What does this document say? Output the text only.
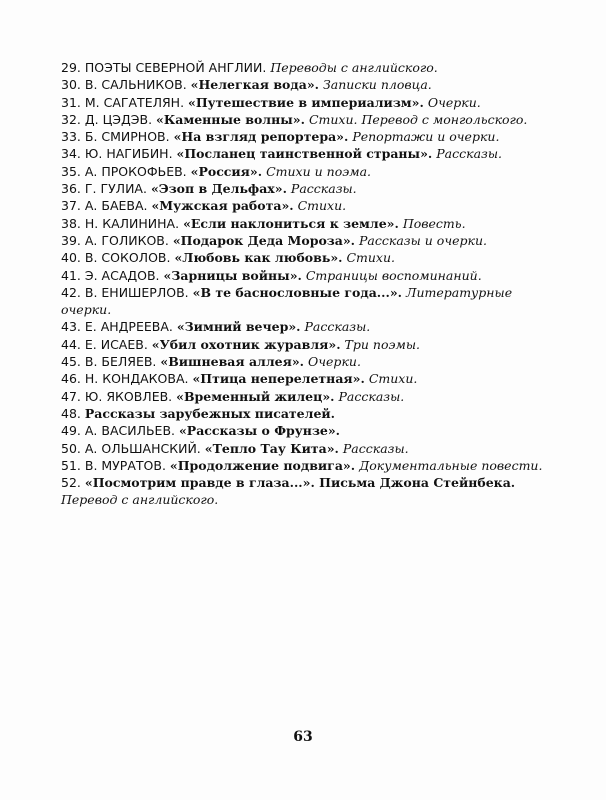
29. ПОЭТЫ СЕВЕРНОЙ АНГЛИИ. Переводы с английского.
30. В. САЛЬНИКОВ. «Нелегкая вода». Записки пловца.
31. М. САГАТЕЛЯН. «Путешествие в империализм». Очерки.
32. Д. ЦЭДЭВ. «Каменные волны». Стихи. Перевод с монгольского.
33. Б. СМИРНОВ. «На взгляд репортера». Репортажи и очерки.
34. Ю. НАГИБИН. «Посланец таинственной страны». Рассказы.
35. А. ПРОКОФЬЕВ. «Россия». Стихи и поэма.
36. Г. ГУЛИА. «Эзоп в Дельфах». Рассказы.
37. А. БАЕВА. «Мужская работа». Стихи.
38. Н. КАЛИНИНА. «Если наклониться к земле». Повесть.
39. А. ГОЛИКОВ. «Подарок Деда Мороза». Рассказы и очерки.
40. В. СОКОЛОВ. «Любовь как любовь». Стихи.
41. Э. АСАДОВ. «Зарницы войны». Страницы воспоминаний.
42. В. ЕНИШЕРЛОВ. «В те баснословные года...». Литературные очерки.
43. Е. АНДРЕЕВА. «Зимний вечер». Рассказы.
44. Е. ИСАЕВ. «Убил охотник журавля». Три поэмы.
45. В. БЕЛЯЕВ. «Вишневая аллея». Очерки.
46. Н. КОНДАКОВА. «Птица неперелетная». Стихи.
47. Ю. ЯКОВЛЕВ. «Временный жилец». Рассказы.
48. Рассказы зарубежных писателей.
49. А. ВАСИЛЬЕВ. «Рассказы о Фрунзе».
50. А. ОЛЬШАНСКИЙ. «Тепло Тау Кита». Рассказы.
51. В. МУРАТОВ. «Продолжение подвига». Документальные повести.
52. «Посмотрим правде в глаза...». Письма Джона Стейнбека. Перевод с английского.
63
